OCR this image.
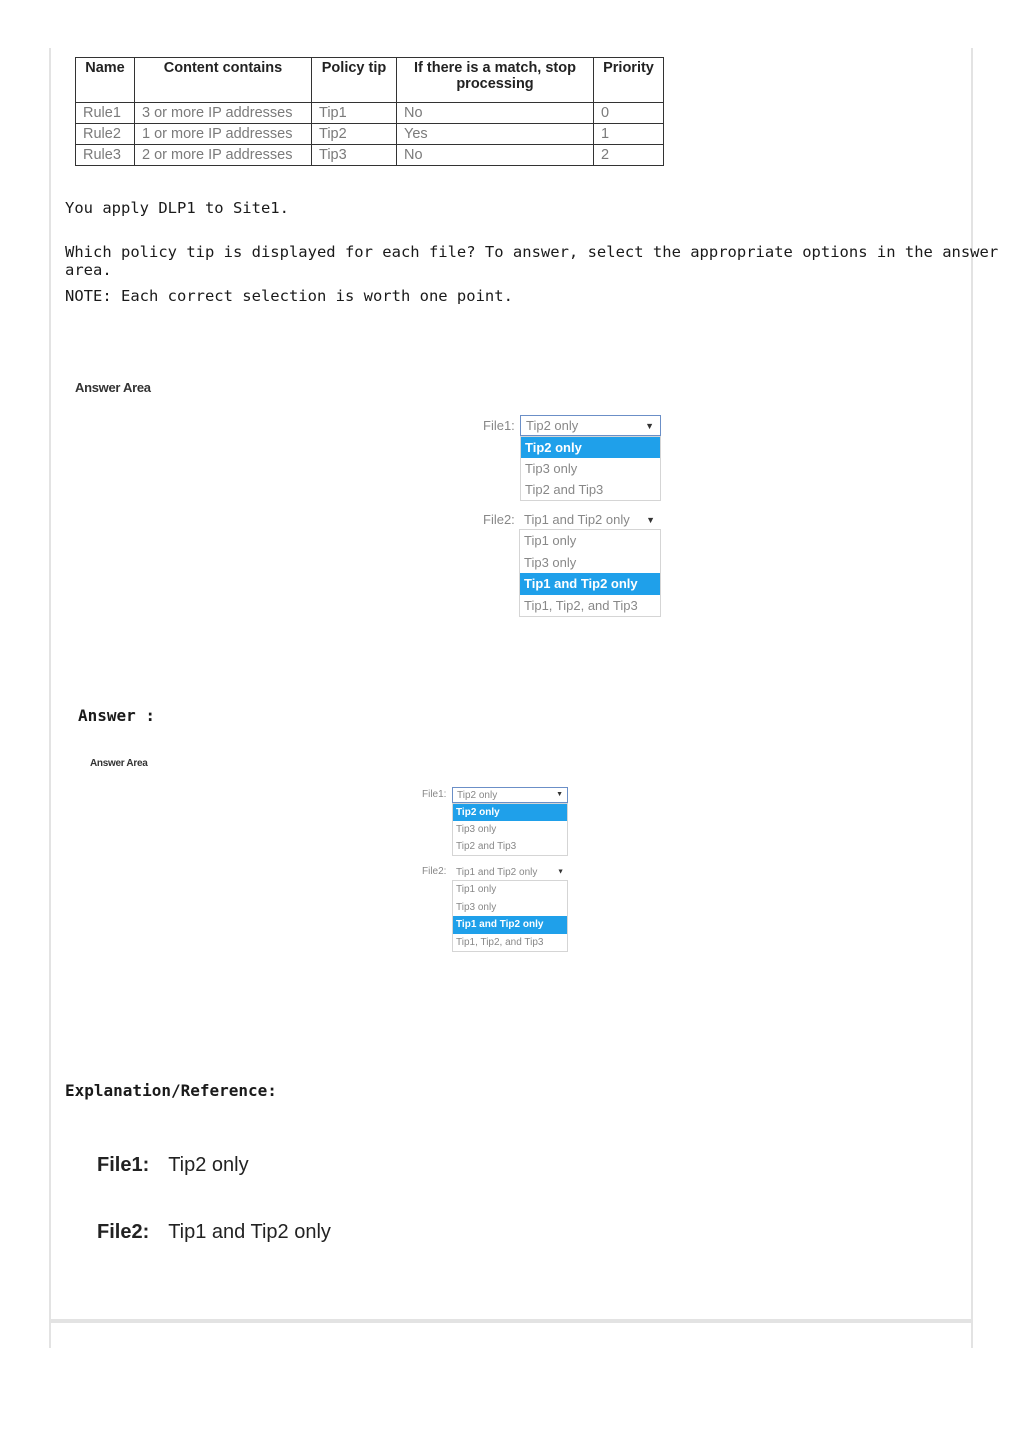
Name	Content contains	Policy tip	If there is a match, stop processing	Priority
Rule1	3 or more IP addresses	Tip1	No	0
Rule2	1 or more IP addresses	Tip2	Yes	1
Rule3	2 or more IP addresses	Tip3	No	2
You apply DLP1 to Site1.
Which policy tip is displayed for each file? To answer, select the appropriate options in the answer area.
NOTE: Each correct selection is worth one point.
Answer Area
File1: Tip2 only	▼
Tip2 only
Tip3 only
Tip2 and Tip3
File2: Tip1 and Tip2 only ▼
Tip1 only
Tip3 only
Tip1 and Tip2 only
Tip1, Tip2, and Tip3
Answer :
Answer Area
File1:	Tip2 only	▼
Tip2 only
Tip3 only
Tip2 and Tip3
File2: Tip1 and Tip2 only	▼
Tip1 only
Tip3 only
Tip1 and Tip2 only
Tip1, Tip2, and Tip3
Explanation/Reference:
File1: Tip2 only
File2: Tip1 and Tip2 only
